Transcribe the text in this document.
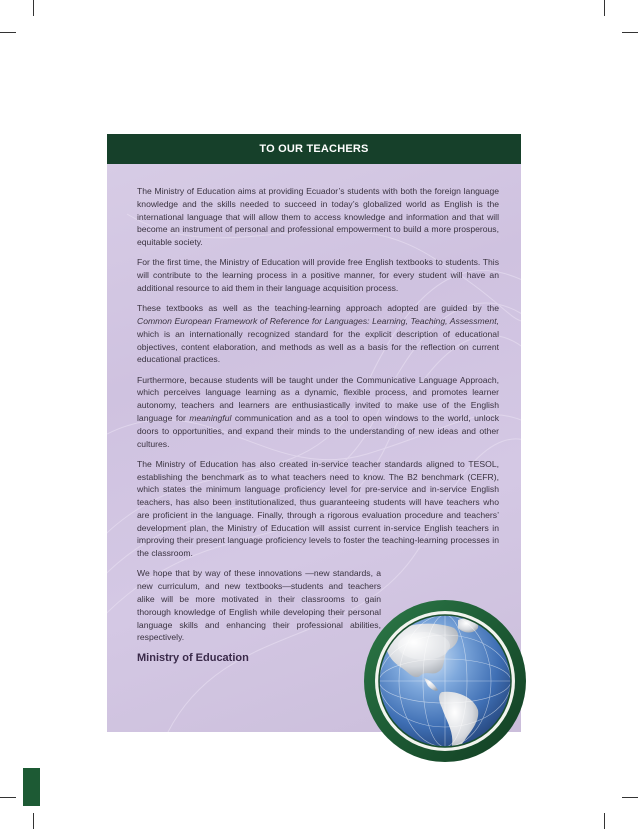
TO OUR TEACHERS

The Ministry of Education aims at providing Ecuador’s students with both the foreign language knowledge and the skills needed to succeed in today’s globalized world as English is the international language that will allow them to access knowledge and information and that will become an instrument of personal and professional empowerment to build a more prosperous, equitable society.

For the first time, the Ministry of Education will provide free English textbooks to students. This will contribute to the learning process in a positive manner, for every student will have an additional resource to aid them in their language acquisition process.

These textbooks as well as the teaching-learning approach adopted are guided by the Common European Framework of Reference for Languages: Learning, Teaching, Assessment, which is an internationally recognized standard for the explicit description of educational objectives, content elaboration, and methods as well as a basis for the reflection on current educational practices.

Furthermore, because students will be taught under the Communicative Language Approach, which perceives language learning as a dynamic, flexible process, and promotes learner autonomy, teachers and learners are enthusiastically invited to make use of the English language for meaningful communication and as a tool to open windows to the world, unlock doors to opportunities, and expand their minds to the understanding of new ideas and other cultures.

The Ministry of Education has also created in-service teacher standards aligned to TESOL, establishing the benchmark as to what teachers need to know. The B2 benchmark (CEFR), which states the minimum language proficiency level for pre-service and in-service English teachers, has also been institutionalized, thus guaranteeing students will have teachers who are proficient in the language. Finally, through a rigorous evaluation procedure and teachers’ development plan, the Ministry of Education will assist current in-service English teachers in improving their present language proficiency levels to foster the teaching-learning processes in the classroom.

We hope that by way of these innovations —new standards, a new curriculum, and new textbooks—students and teachers alike will be more motivated in their classrooms to gain thorough knowledge of English while developing their personal language skills and enhancing their professional abilities, respectively.

Ministry of Education
